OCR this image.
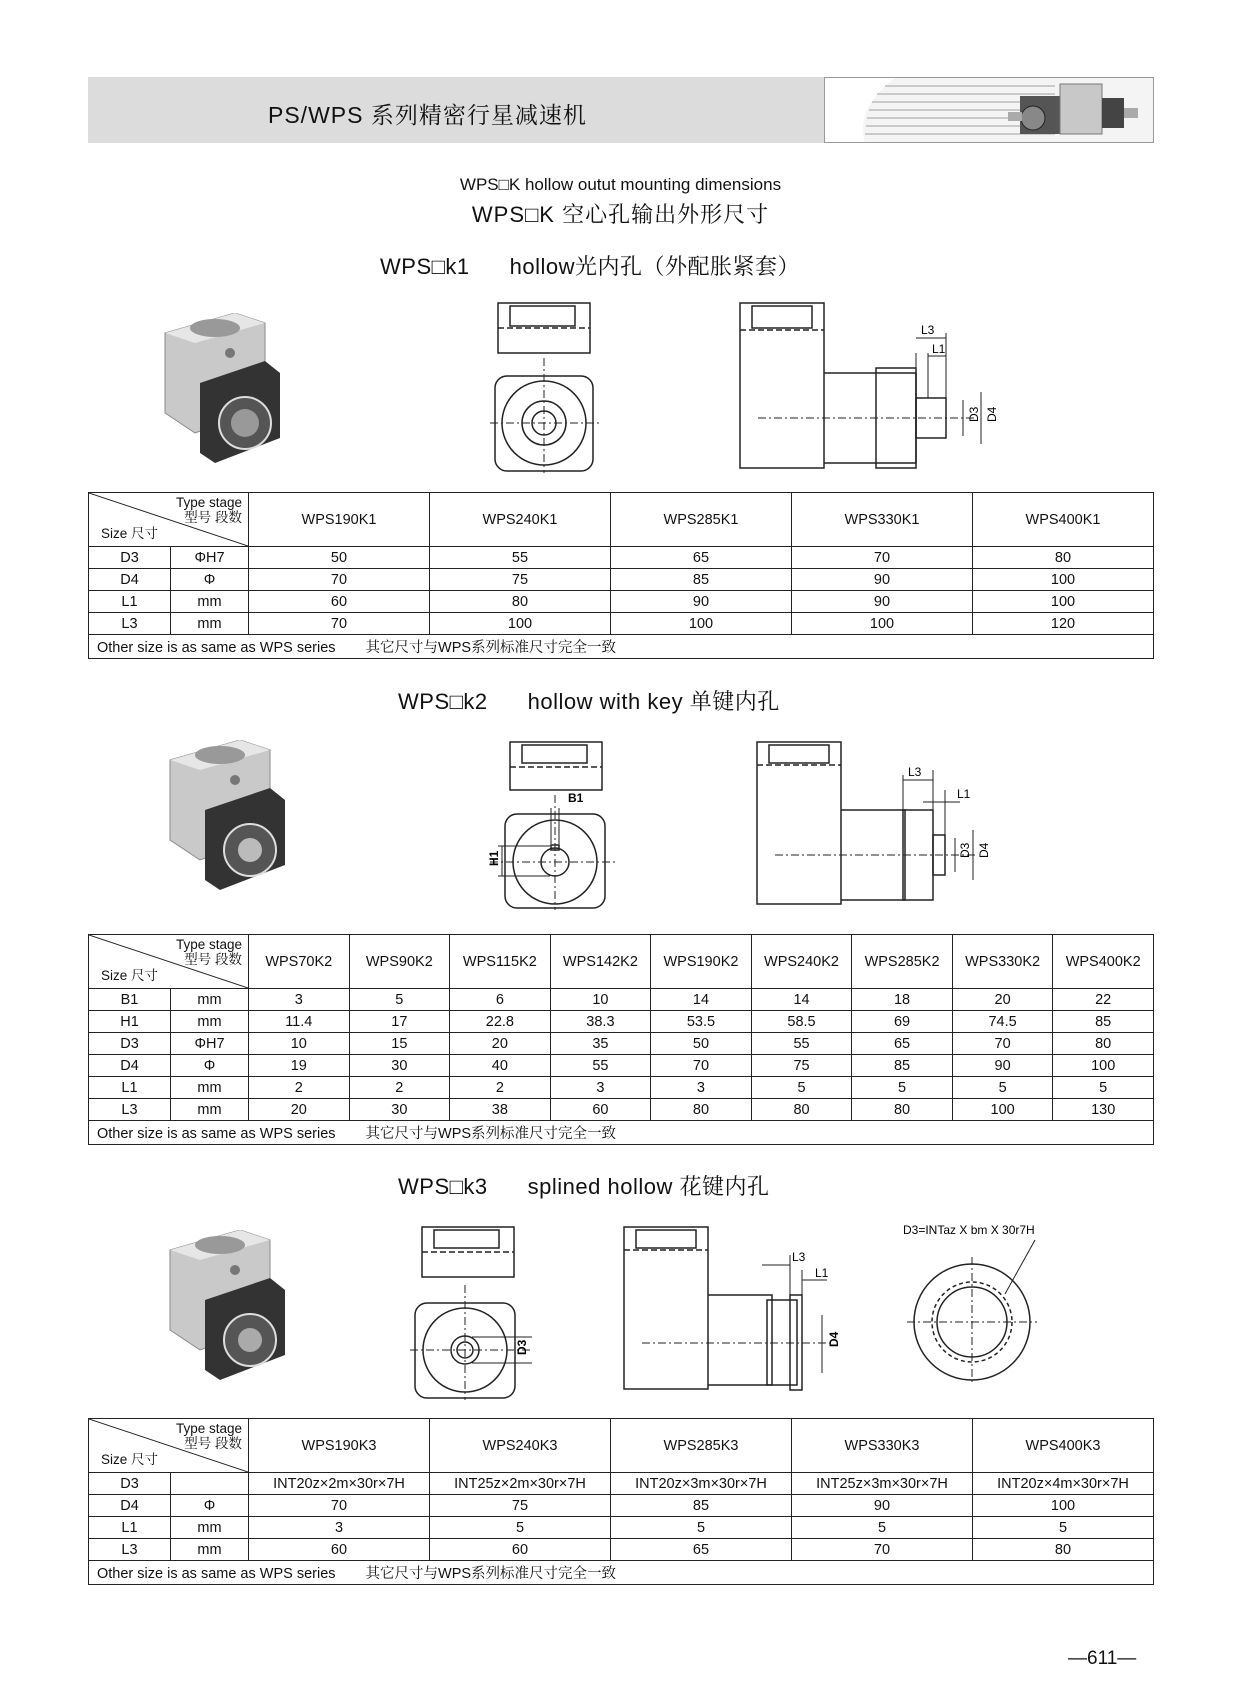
PS/WPS 系列精密行星减速机
WPS□K hollow outut mounting dimensions
WPS□K 空心孔输出外形尺寸
WPS□k1 hollow光内孔（外配胀紧套）
L3
L1
D3 D4
Type stage
型号 段数
Size 尺寸		WPS190K1	WPS240K1	WPS285K1	WPS330K1	WPS400K1
D3	ΦH7	50	55	65	70	80
D4	Φ	70	75	85	90	100
L1	mm	60	80	90	90	100
L3	mm	70	100	100	100	120
Other size is as same as WPS series 其它尺寸与WPS系列标准尺寸完全一致						
WPS□k2 hollow with key 单键内孔
B1
H1
L3
L1
D3 D4
Type stage
型号 段数
Size 尺寸		WPS70K2	WPS90K2	WPS115K2	WPS142K2	WPS190K2	WPS240K2	WPS285K2	WPS330K2	WPS400K2
B1	mm	3	5	6	10	14	14	18	20	22
H1	mm	11.4	17	22.8	38.3	53.5	58.5	69	74.5	85
D3	ΦH7	10	15	20	35	50	55	65	70	80
D4	Φ	19	30	40	55	70	75	85	90	100
L1	mm	2	2	2	3	3	5	5	5	5
L3	mm	20	30	38	60	80	80	80	100	130
Other size is as same as WPS series 其它尺寸与WPS系列标准尺寸完全一致										
WPS□k3 splined hollow 花键内孔
D3
L3
L1
D4
D3=INTaz X bm X 30r7H
Type stage
型号 段数
Size 尺寸		WPS190K3	WPS240K3	WPS285K3	WPS330K3	WPS400K3
D3		INT20z×2m×30r×7H	INT25z×2m×30r×7H	INT20z×3m×30r×7H	INT25z×3m×30r×7H	INT20z×4m×30r×7H
D4	Φ	70	75	85	90	100
L1	mm	3	5	5	5	5
L3	mm	60	60	65	70	80
Other size is as same as WPS series 其它尺寸与WPS系列标准尺寸完全一致						
—611—
